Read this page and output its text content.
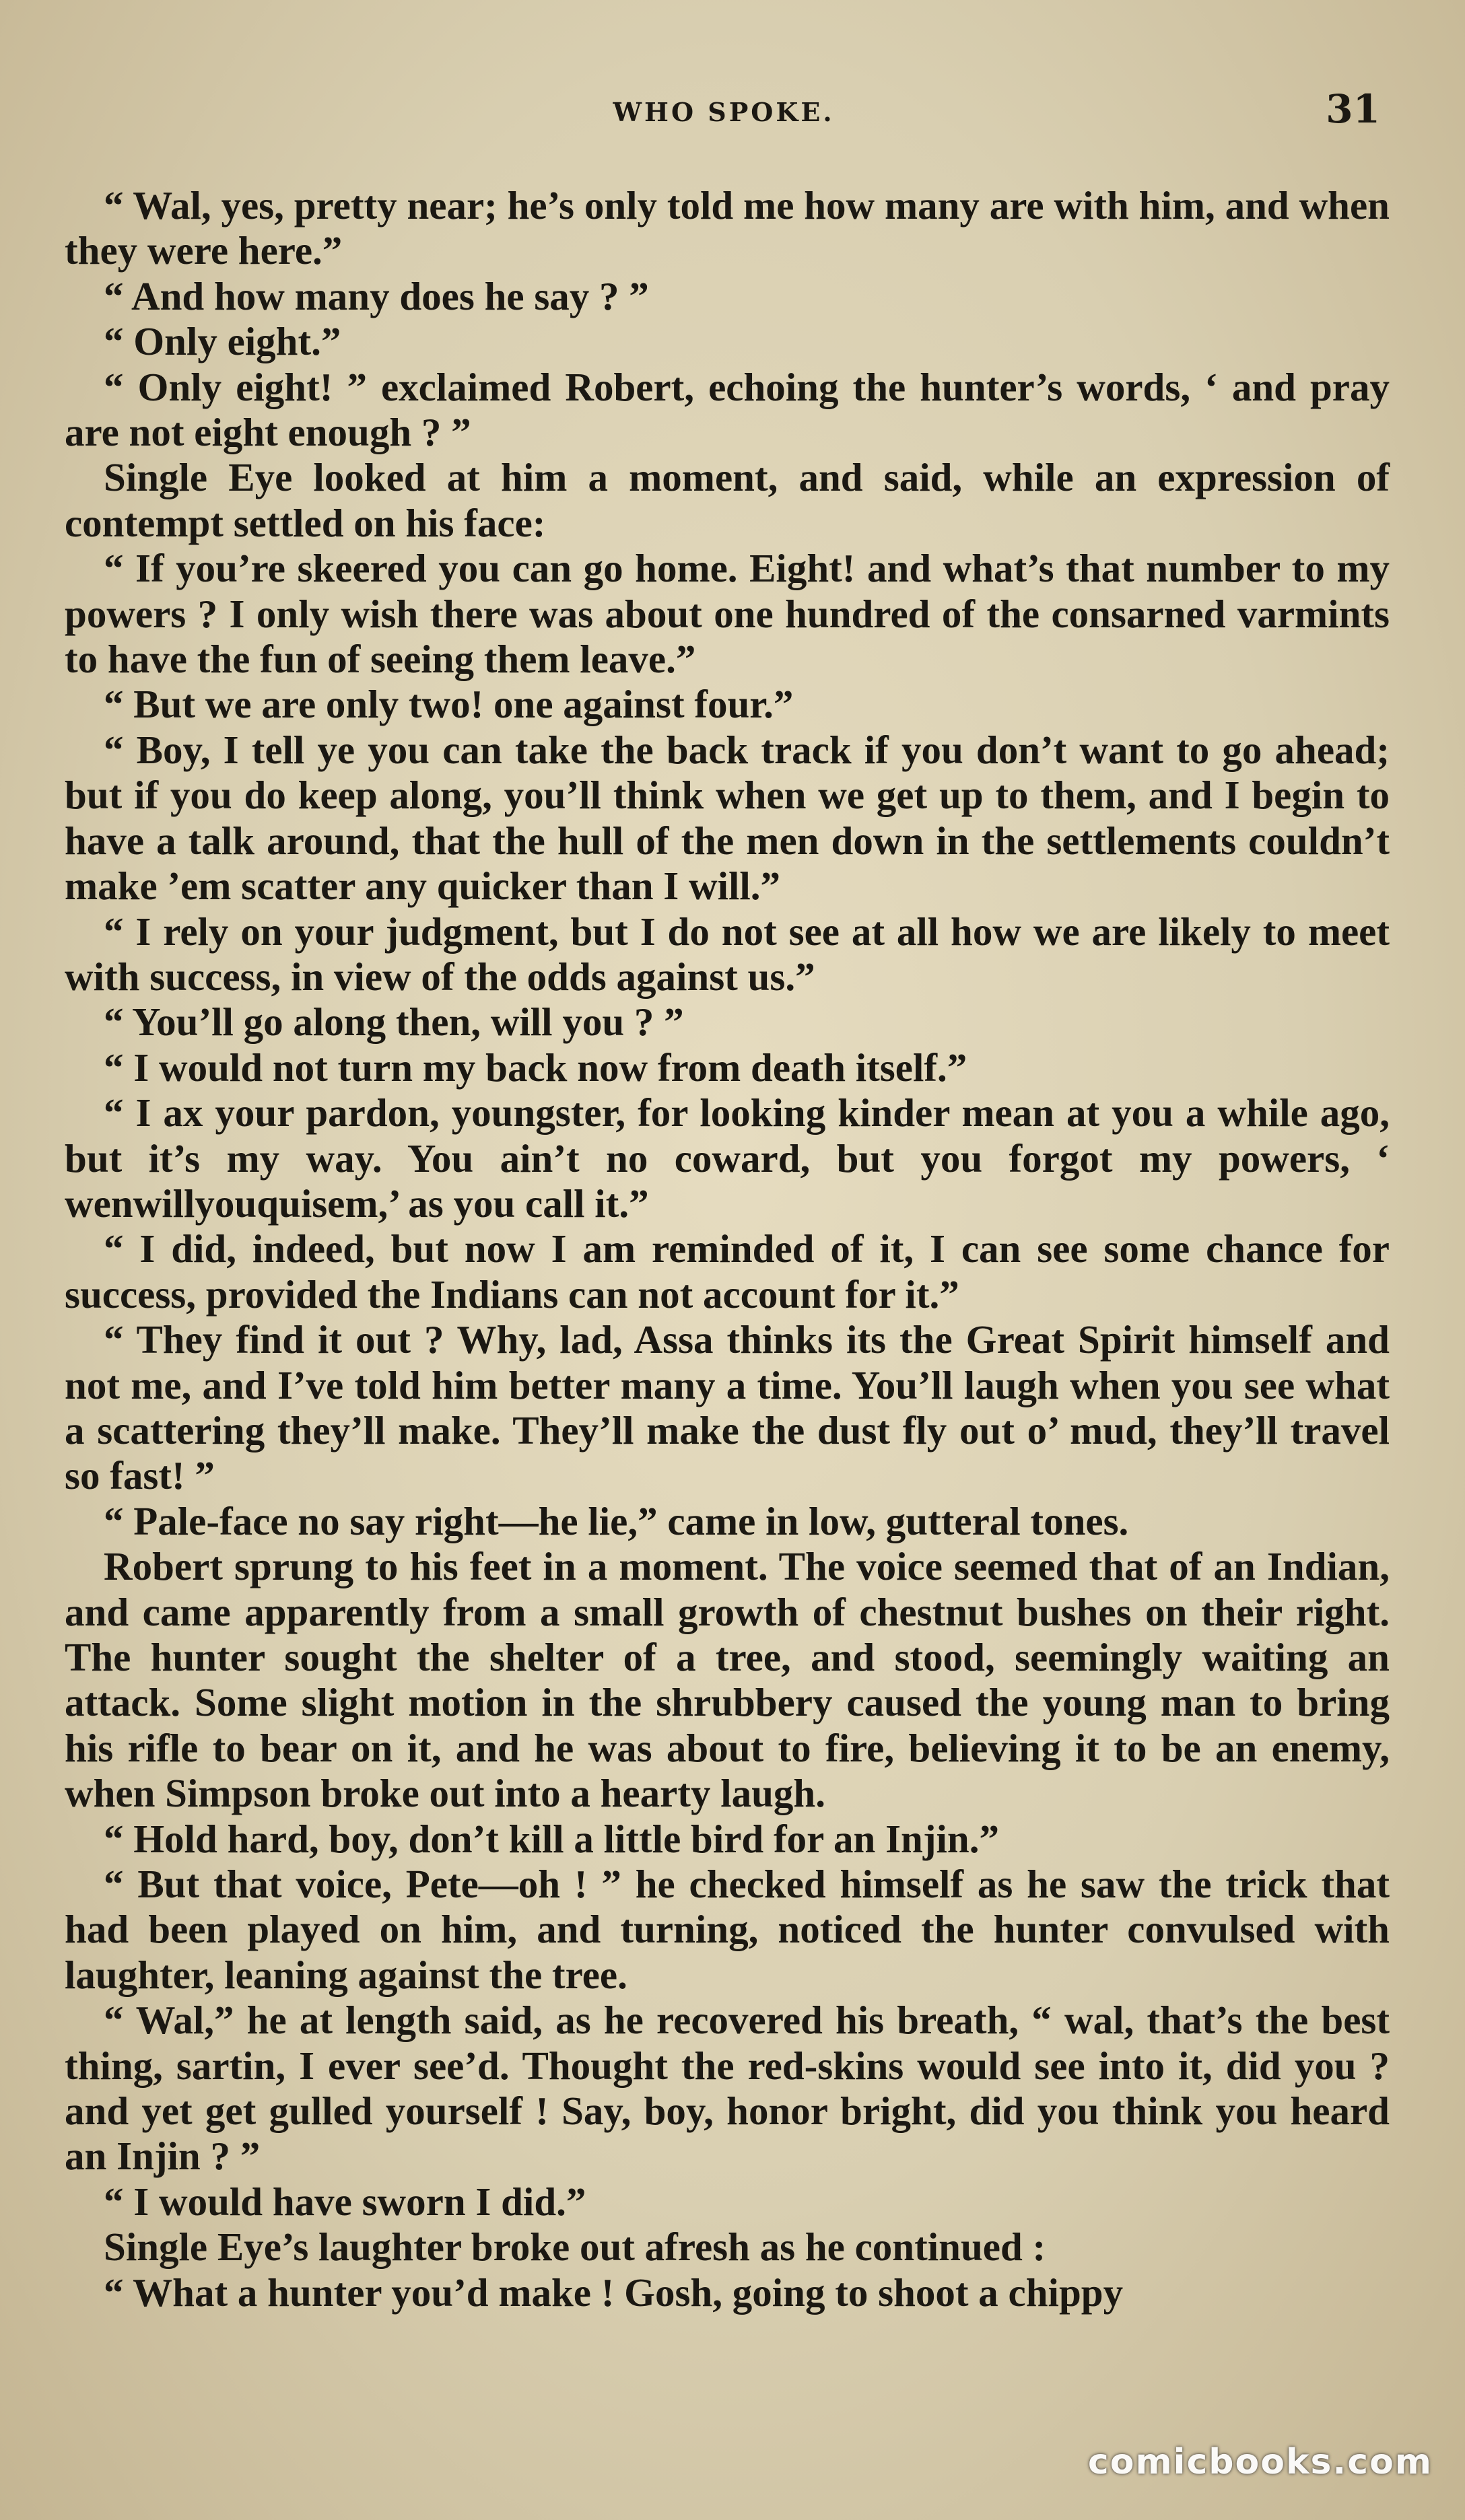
WHO SPOKE.	31

“ Wal, yes, pretty near; he’s only told me how many are with him, and when they were here.”

“ And how many does he say ? ”

“ Only eight.”

“ Only eight! ” exclaimed Robert, echoing the hunter’s words, ‘ and pray are not eight enough ? ”

Single Eye looked at him a moment, and said, while an expression of contempt settled on his face:

“ If you’re skeered you can go home. Eight! and what’s that number to my powers ? I only wish there was about one hundred of the consarned varmints to have the fun of seeing them leave.”

“ But we are only two! one against four.”

“ Boy, I tell ye you can take the back track if you don’t want to go ahead; but if you do keep along, you’ll think when we get up to them, and I begin to have a talk around, that the hull of the men down in the settlements couldn’t make ’em scatter any quicker than I will.”

“ I rely on your judgment, but I do not see at all how we are likely to meet with success, in view of the odds against us.”

“ You’ll go along then, will you ? ”

“ I would not turn my back now from death itself.”

“ I ax your pardon, youngster, for looking kinder mean at you a while ago, but it’s my way. You ain’t no coward, but you forgot my powers, ‘ wenwillyouquisem,’ as you call it.”

“ I did, indeed, but now I am reminded of it, I can see some chance for success, provided the Indians can not account for it.”

“ They find it out ? Why, lad, Assa thinks its the Great Spirit himself and not me, and I’ve told him better many a time. You’ll laugh when you see what a scattering they’ll make. They’ll make the dust fly out o’ mud, they’ll travel so fast! ”

“ Pale-face no say right—he lie,” came in low, gutteral tones.

Robert sprung to his feet in a moment. The voice seemed that of an Indian, and came apparently from a small growth of chestnut bushes on their right. The hunter sought the shelter of a tree, and stood, seemingly waiting an attack. Some slight motion in the shrubbery caused the young man to bring his rifle to bear on it, and he was about to fire, believing it to be an enemy, when Simpson broke out into a hearty laugh.

“ Hold hard, boy, don’t kill a little bird for an Injin.”

“ But that voice, Pete—oh ! ” he checked himself as he saw the trick that had been played on him, and turning, noticed the hunter convulsed with laughter, leaning against the tree.

“ Wal,” he at length said, as he recovered his breath, “ wal, that’s the best thing, sartin, I ever see’d. Thought the red-skins would see into it, did you ? and yet get gulled yourself ! Say, boy, honor bright, did you think you heard an Injin ? ”

“ I would have sworn I did.”

Single Eye’s laughter broke out afresh as he continued :

“ What a hunter you’d make ! Gosh, going to shoot a chippy

comicbooks.com
